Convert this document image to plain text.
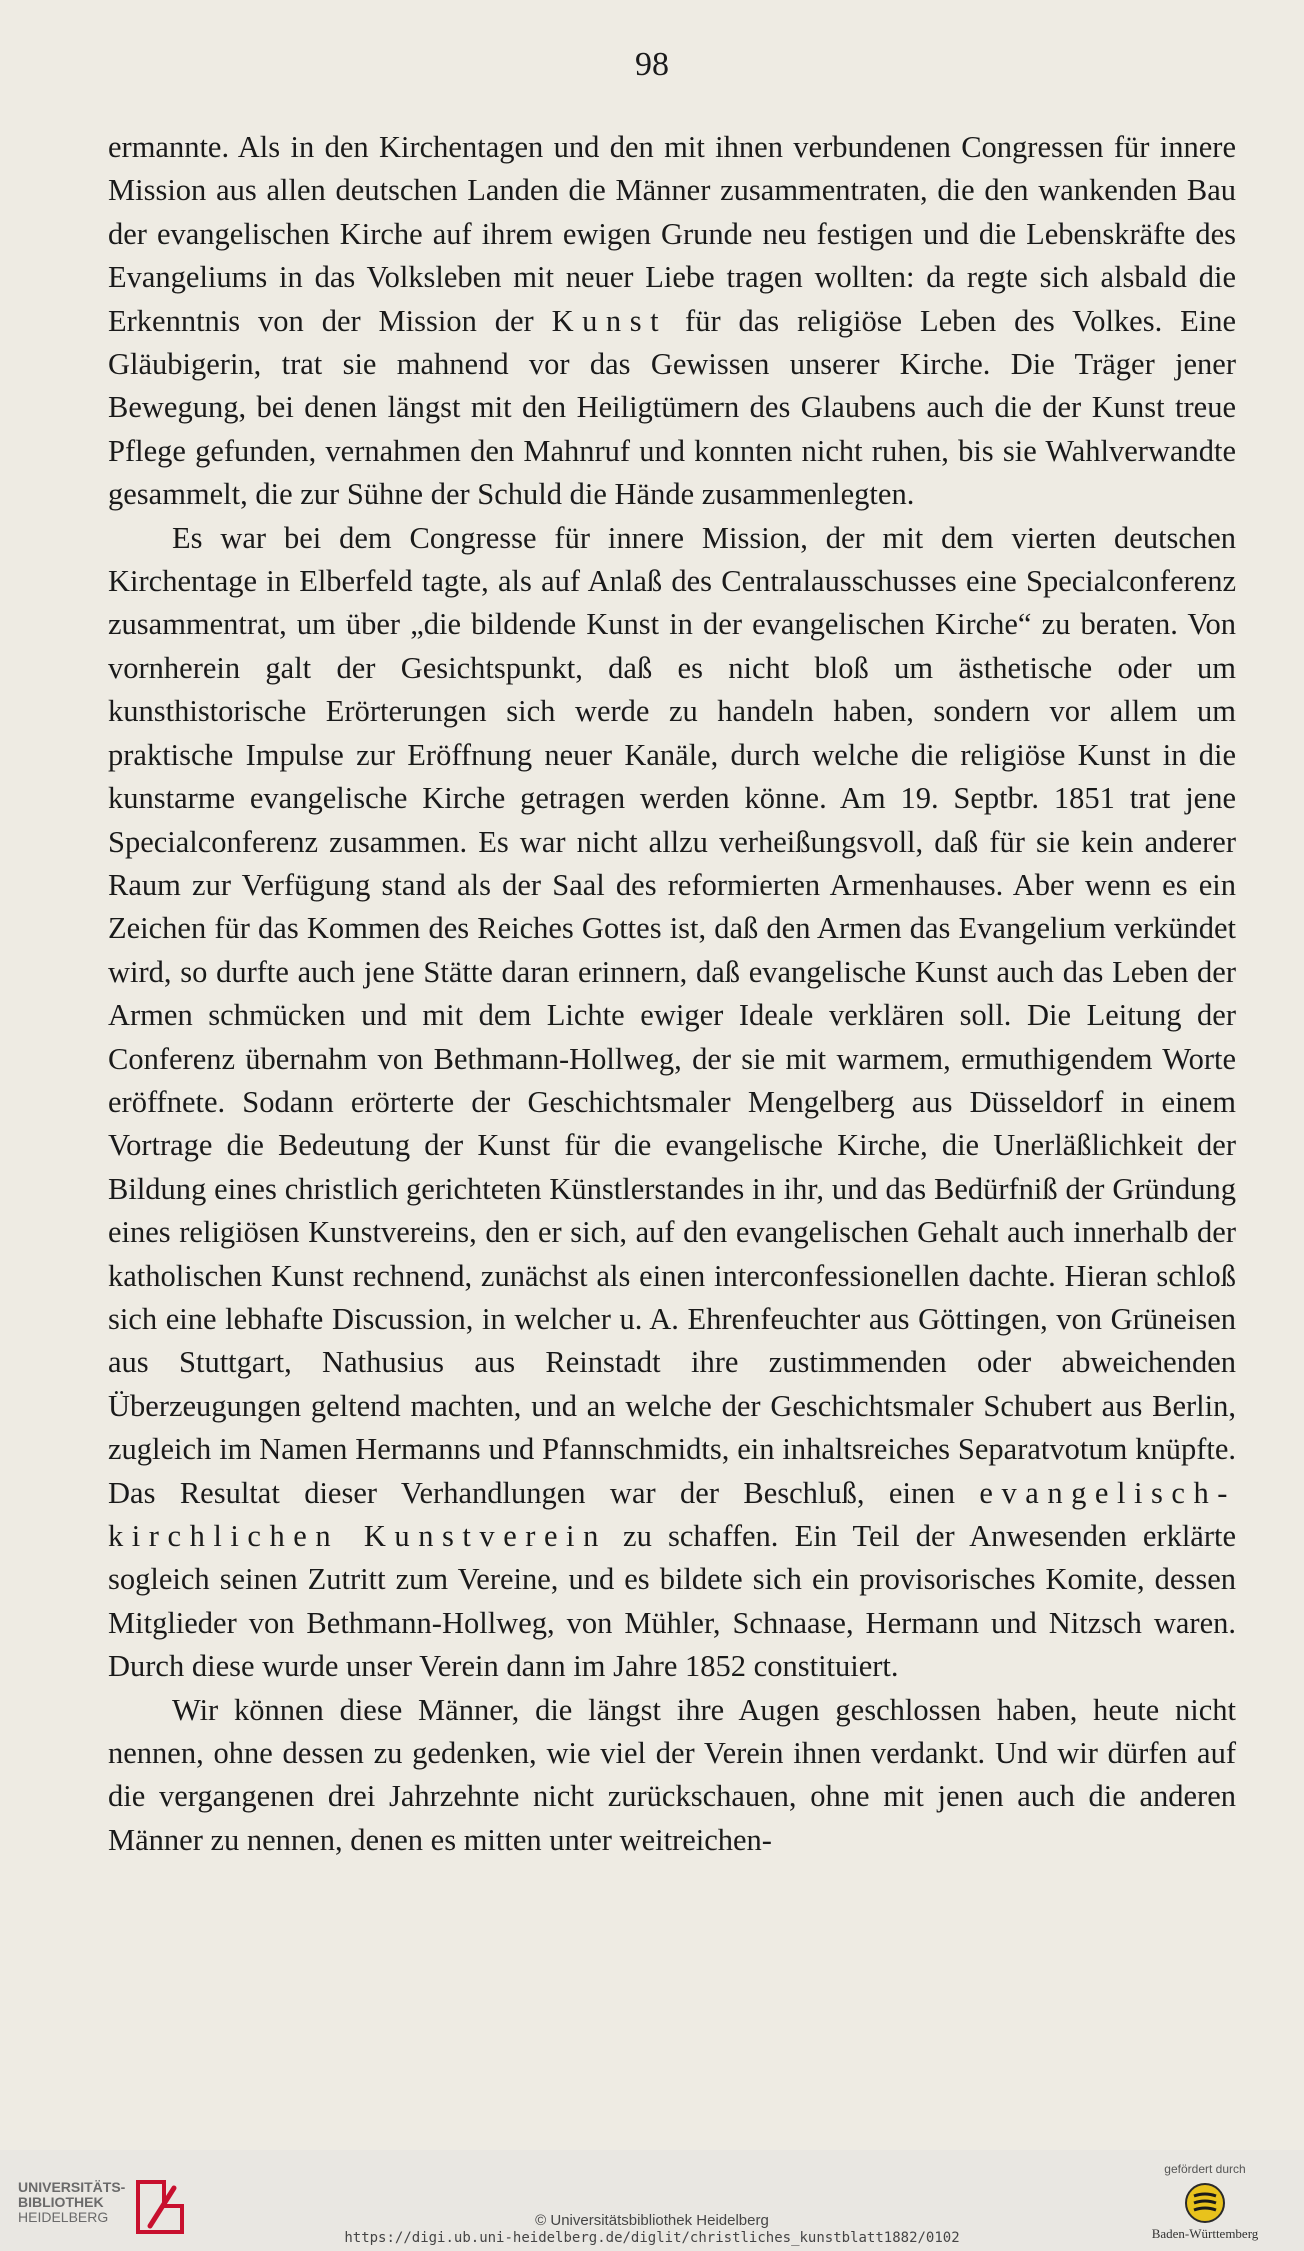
98

ermannte. Als in den Kirchentagen und den mit ihnen verbundenen Congressen für innere Mission aus allen deutschen Landen die Männer zusammentraten, die den wankenden Bau der evangelischen Kirche auf ihrem ewigen Grunde neu festigen und die Lebenskräfte des Evangeliums in das Volksleben mit neuer Liebe tragen wollten: da regte sich alsbald die Erkenntnis von der Mission der Kunst für das religiöse Leben des Volkes. Eine Gläubigerin, trat sie mahnend vor das Gewissen unserer Kirche. Die Träger jener Bewegung, bei denen längst mit den Heiligtümern des Glaubens auch die der Kunst treue Pflege gefunden, vernahmen den Mahnruf und konnten nicht ruhen, bis sie Wahlverwandte gesammelt, die zur Sühne der Schuld die Hände zusammenlegten.

Es war bei dem Congresse für innere Mission, der mit dem vierten deutschen Kirchentage in Elberfeld tagte, als auf Anlaß des Centralausschusses eine Specialconferenz zusammentrat, um über „die bildende Kunst in der evangelischen Kirche“ zu beraten. Von vornherein galt der Gesichtspunkt, daß es nicht bloß um ästhetische oder um kunsthistorische Erörterungen sich werde zu handeln haben, sondern vor allem um praktische Impulse zur Eröffnung neuer Kanäle, durch welche die religiöse Kunst in die kunstarme evangelische Kirche getragen werden könne. Am 19. Septbr. 1851 trat jene Specialconferenz zusammen. Es war nicht allzu verheißungsvoll, daß für sie kein anderer Raum zur Verfügung stand als der Saal des reformierten Armenhauses. Aber wenn es ein Zeichen für das Kommen des Reiches Gottes ist, daß den Armen das Evangelium verkündet wird, so durfte auch jene Stätte daran erinnern, daß evangelische Kunst auch das Leben der Armen schmücken und mit dem Lichte ewiger Ideale verklären soll. Die Leitung der Conferenz übernahm von Bethmann-Hollweg, der sie mit warmem, ermuthigendem Worte eröffnete. Sodann erörterte der Geschichtsmaler Mengelberg aus Düsseldorf in einem Vortrage die Bedeutung der Kunst für die evangelische Kirche, die Unerläßlichkeit der Bildung eines christlich gerichteten Künstlerstandes in ihr, und das Bedürfniß der Gründung eines religiösen Kunstvereins, den er sich, auf den evangelischen Gehalt auch innerhalb der katholischen Kunst rechnend, zunächst als einen interconfessionellen dachte. Hieran schloß sich eine lebhafte Discussion, in welcher u. A. Ehrenfeuchter aus Göttingen, von Grüneisen aus Stuttgart, Nathusius aus Reinstadt ihre zustimmenden oder abweichenden Überzeugungen geltend machten, und an welche der Geschichtsmaler Schubert aus Berlin, zugleich im Namen Hermanns und Pfannschmidts, ein inhaltsreiches Separatvotum knüpfte. Das Resultat dieser Verhandlungen war der Beschluß, einen evangelisch-kirchlichen Kunstverein zu schaffen. Ein Teil der Anwesenden erklärte sogleich seinen Zutritt zum Vereine, und es bildete sich ein provisorisches Komite, dessen Mitglieder von Bethmann-Hollweg, von Mühler, Schnaase, Hermann und Nitzsch waren. Durch diese wurde unser Verein dann im Jahre 1852 constituiert.

Wir können diese Männer, die längst ihre Augen geschlossen haben, heute nicht nennen, ohne dessen zu gedenken, wie viel der Verein ihnen verdankt. Und wir dürfen auf die vergangenen drei Jahrzehnte nicht zurückschauen, ohne mit jenen auch die anderen Männer zu nennen, denen es mitten unter weitreichen-

UNIVERSITÄTS-
BIBLIOTHEK
HEIDELBERG	© Universitätsbibliothek Heidelberg
https://digi.ub.uni-heidelberg.de/diglit/christliches_kunstblatt1882/0102
gefördert durch
Baden-Württemberg
